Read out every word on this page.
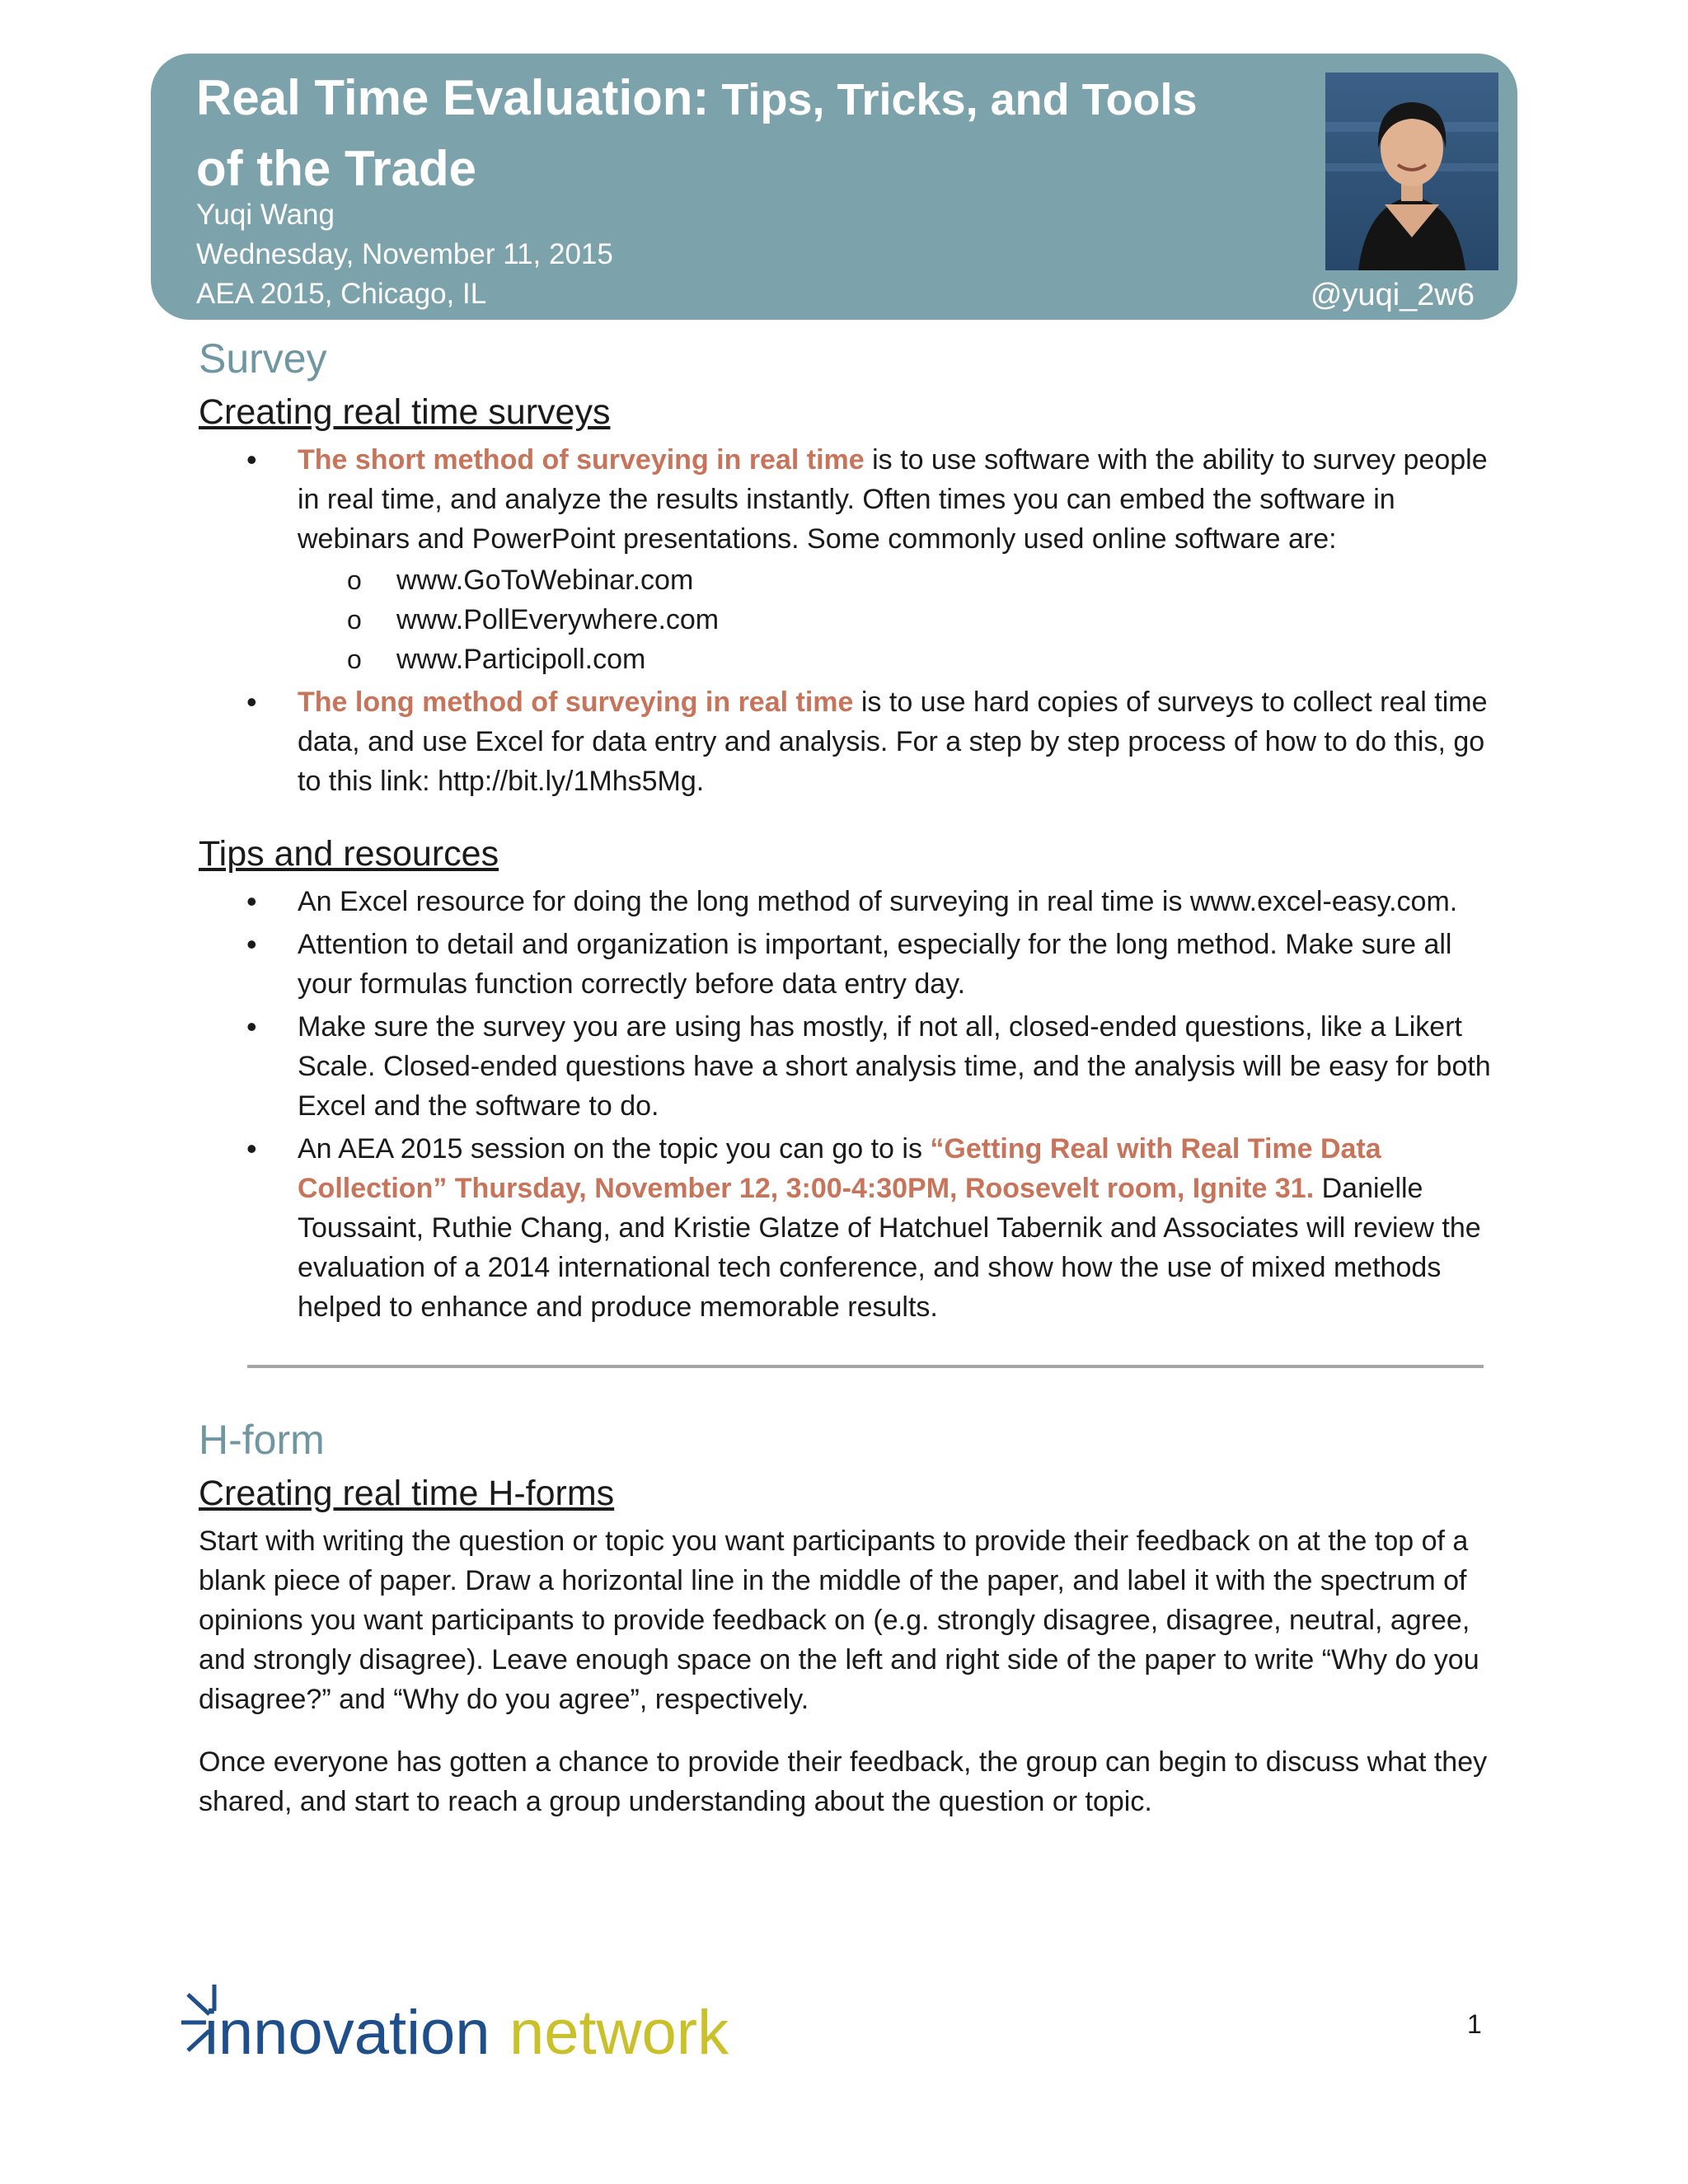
Real Time Evaluation: Tips, Tricks, and Tools
of the Trade
Yuqi Wang
Wednesday, November 11, 2015
AEA 2015, Chicago, IL	@yuqi_2w6
Survey
Creating real time surveys
• The short method of surveying in real time is to use software with the ability to survey people in real time, and analyze the results instantly. Often times you can embed the software in webinars and PowerPoint presentations. Some commonly used online software are:
o www.GoToWebinar.com
o www.PollEverywhere.com
o www.Participoll.com
• The long method of surveying in real time is to use hard copies of surveys to collect real time data, and use Excel for data entry and analysis. For a step by step process of how to do this, go to this link: http://bit.ly/1Mhs5Mg.
Tips and resources
• An Excel resource for doing the long method of surveying in real time is www.excel-easy.com.
• Attention to detail and organization is important, especially for the long method. Make sure all your formulas function correctly before data entry day.
• Make sure the survey you are using has mostly, if not all, closed-ended questions, like a Likert Scale. Closed-ended questions have a short analysis time, and the analysis will be easy for both Excel and the software to do.
• An AEA 2015 session on the topic you can go to is “Getting Real with Real Time Data Collection” Thursday, November 12, 3:00-4:30PM, Roosevelt room, Ignite 31. Danielle Toussaint, Ruthie Chang, and Kristie Glatze of Hatchuel Tabernik and Associates will review the evaluation of a 2014 international tech conference, and show how the use of mixed methods helped to enhance and produce memorable results.
H-form
Creating real time H-forms

Start with writing the question or topic you want participants to provide their feedback on at the top of a blank piece of paper. Draw a horizontal line in the middle of the paper, and label it with the spectrum of opinions you want participants to provide feedback on (e.g. strongly disagree, disagree, neutral, agree, and strongly disagree). Leave enough space on the left and right side of the paper to write “Why do you disagree?” and “Why do you agree”, respectively.

Once everyone has gotten a chance to provide their feedback, the group can begin to discuss what they shared, and start to reach a group understanding about the question or topic.

innovation network	1
